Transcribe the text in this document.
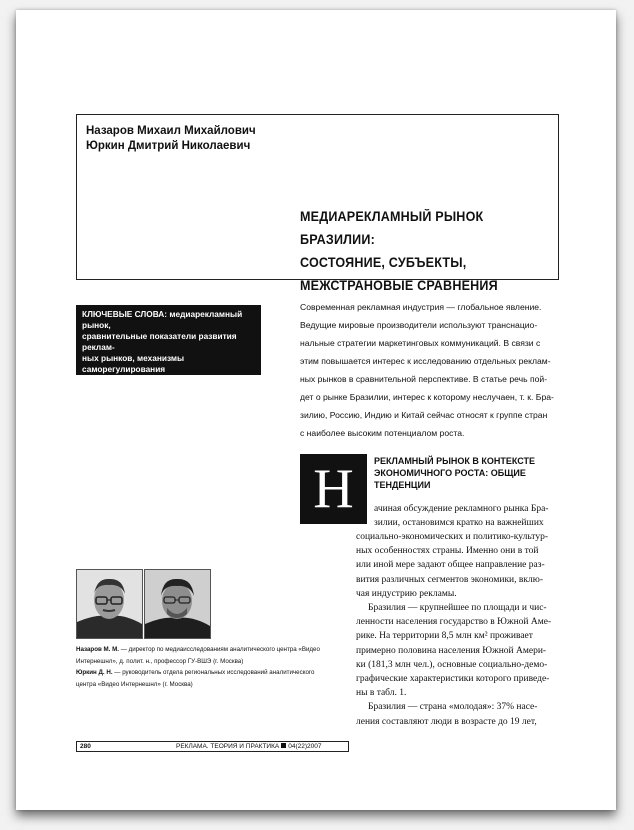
Назаров Михаил Михайлович
Юркин Дмитрий Николаевич
МЕДИАРЕКЛАМНЫЙ РЫНОК БРАЗИЛИИ:
СОСТОЯНИЕ, СУБЪЕКТЫ,
МЕЖСТРАНОВЫЕ СРАВНЕНИЯ
КЛЮЧЕВЫЕ СЛОВА: медиарекламный рынок,
сравнительные показатели развития реклам-
ных рынков, механизмы саморегулирования
рекламного рынка
Современная рекламная индустрия — глобальное явление.
Ведущие мировые производители используют транснацио-
нальные стратегии маркетинговых коммуникаций. В связи с
этим повышается интерес к исследованию отдельных реклам-
ных рынков в сравнительной перспективе. В статье речь пой-
дет о рынке Бразилии, интерес к которому неслучаен, т. к. Бра-
зилию, Россию, Индию и Китай сейчас относят к группе стран
с наиболее высоким потенциалом роста.
Н	РЕКЛАМНЫЙ РЫНОК В КОНТЕКСТЕ
ЭКОНОМИЧНОГО РОСТА: ОБЩИЕ
ТЕНДЕНЦИИ
ачиная обсуждение рекламного рынка Бра-
зилии, остановимся кратко на важнейших

социально-экономических и политико-культур-

ных особенностях страны. Именно они в той

или иной мере задают общее направление раз-

вития различных сегментов экономики, вклю-

чая индустрию рекламы.

Бразилия — крупнейшее по площади и чис-

ленности населения государство в Южной Аме-

рике. На территории 8,5 млн км² проживает

примерно половина населения Южной Амери-

ки (181,3 млн чел.), основные социально-демо-

графические характеристики которого приведе-

ны в табл. 1.

Бразилия — страна «молодая»: 37% насе-

ления составляют люди в возрасте до 19 лет,

Назаров М. М. — директор по медиаисследованиям аналитического центра «Видео
Интернешнл», д. полит. н., профессор ГУ-ВШЭ (г. Москва)
Юркин Д. Н. — руководитель отдела региональных исследований аналитического
центра «Видео Интернешнл» (г. Москва)
280	РЕКЛАМА. ТЕОРИЯ И ПРАКТИКА 04(22)2007
